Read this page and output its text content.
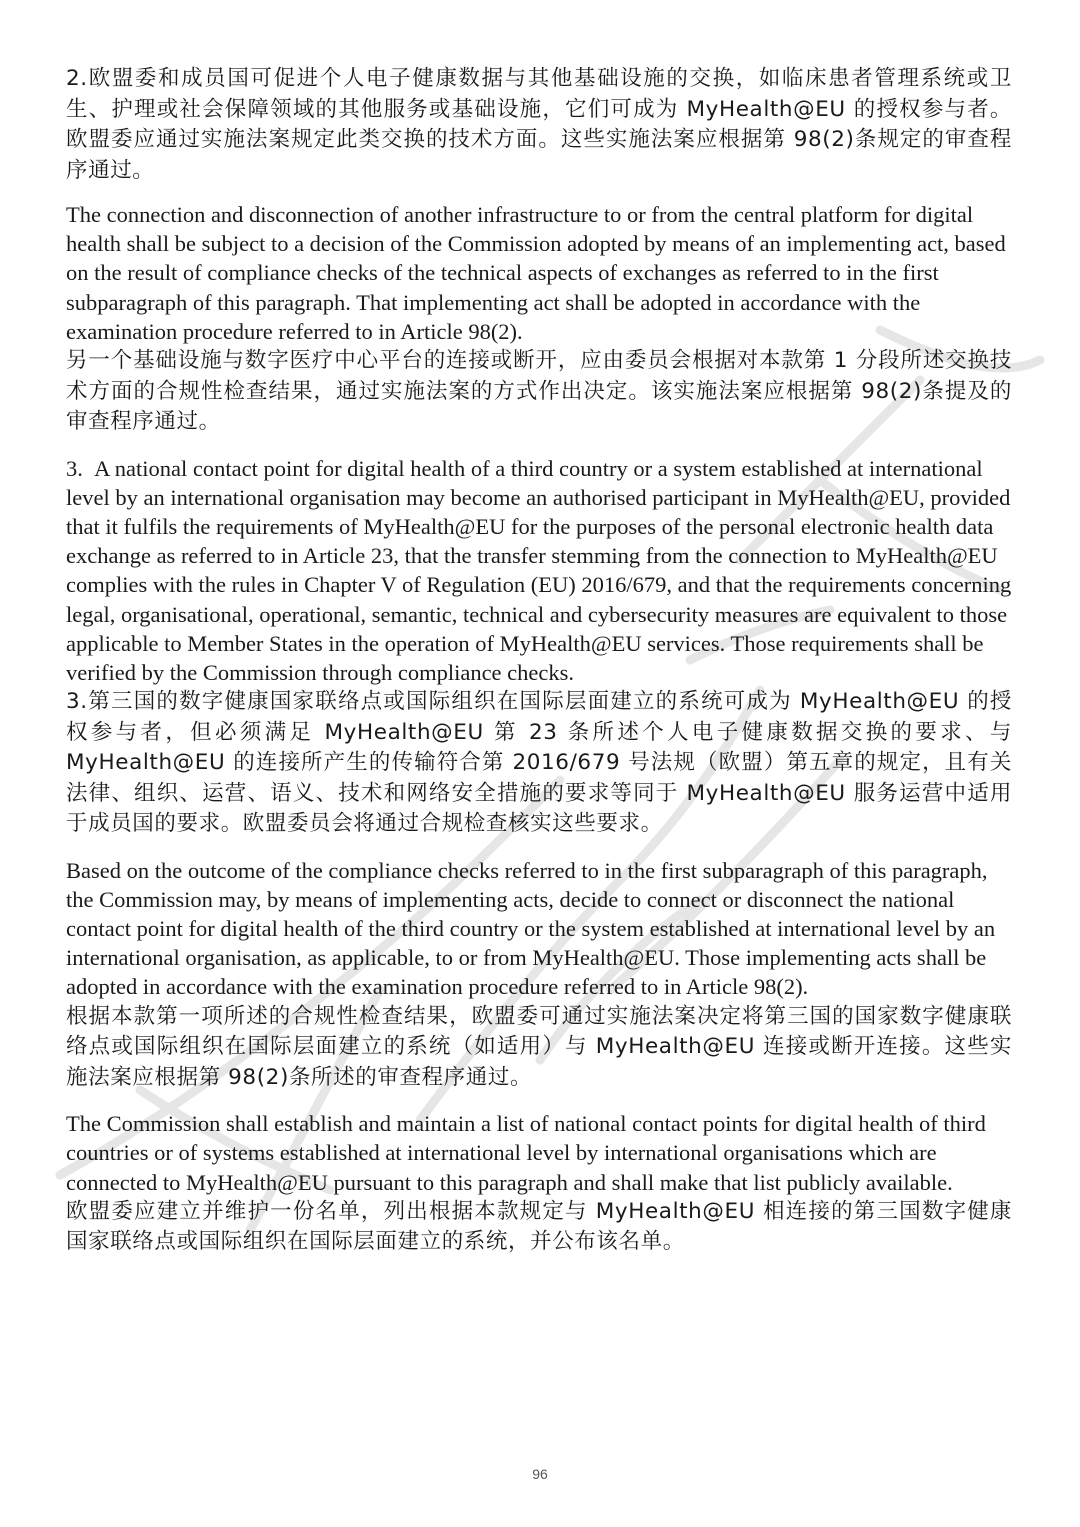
2.欧盟委和成员国可促进个人电子健康数据与其他基础设施的交换，如临床患者管理系统或卫生、护理或社会保障领域的其他服务或基础设施，它们可成为 MyHealth@EU 的授权参与者。欧盟委应通过实施法案规定此类交换的技术方面。这些实施法案应根据第 98(2)条规定的审查程序通过。

The connection and disconnection of another infrastructure to or from the central platform for digital health shall be subject to a decision of the Commission adopted by means of an implementing act, based on the result of compliance checks of the technical aspects of exchanges as referred to in the first subparagraph of this paragraph. That implementing act shall be adopted in accordance with the examination procedure referred to in Article 98(2).

另一个基础设施与数字医疗中心平台的连接或断开，应由委员会根据对本款第 1 分段所述交换技术方面的合规性检查结果，通过实施法案的方式作出决定。该实施法案应根据第 98(2)条提及的审查程序通过。

3.  A national contact point for digital health of a third country or a system established at international level by an international organisation may become an authorised participant in MyHealth@EU, provided that it fulfils the requirements of MyHealth@EU for the purposes of the personal electronic health data exchange as referred to in Article 23, that the transfer stemming from the connection to MyHealth@EU complies with the rules in Chapter V of Regulation (EU) 2016/679, and that the requirements concerning legal, organisational, operational, semantic, technical and cybersecurity measures are equivalent to those applicable to Member States in the operation of MyHealth@EU services. Those requirements shall be verified by the Commission through compliance checks.

3.第三国的数字健康国家联络点或国际组织在国际层面建立的系统可成为 MyHealth@EU 的授权参与者，但必须满足 MyHealth@EU 第 23 条所述个人电子健康数据交换的要求、与 MyHealth@EU 的连接所产生的传输符合第 2016/679 号法规（欧盟）第五章的规定，且有关法律、组织、运营、语义、技术和网络安全措施的要求等同于 MyHealth@EU 服务运营中适用于成员国的要求。欧盟委员会将通过合规检查核实这些要求。

Based on the outcome of the compliance checks referred to in the first subparagraph of this paragraph, the Commission may, by means of implementing acts, decide to connect or disconnect the national contact point for digital health of the third country or the system established at international level by an international organisation, as applicable, to or from MyHealth@EU. Those implementing acts shall be adopted in accordance with the examination procedure referred to in Article 98(2).

根据本款第一项所述的合规性检查结果，欧盟委可通过实施法案决定将第三国的国家数字健康联络点或国际组织在国际层面建立的系统（如适用）与 MyHealth@EU 连接或断开连接。这些实施法案应根据第 98(2)条所述的审查程序通过。

The Commission shall establish and maintain a list of national contact points for digital health of third countries or of systems established at international level by international organisations which are connected to MyHealth@EU pursuant to this paragraph and shall make that list publicly available.

欧盟委应建立并维护一份名单，列出根据本款规定与 MyHealth@EU 相连接的第三国数字健康国家联络点或国际组织在国际层面建立的系统，并公布该名单。

96
